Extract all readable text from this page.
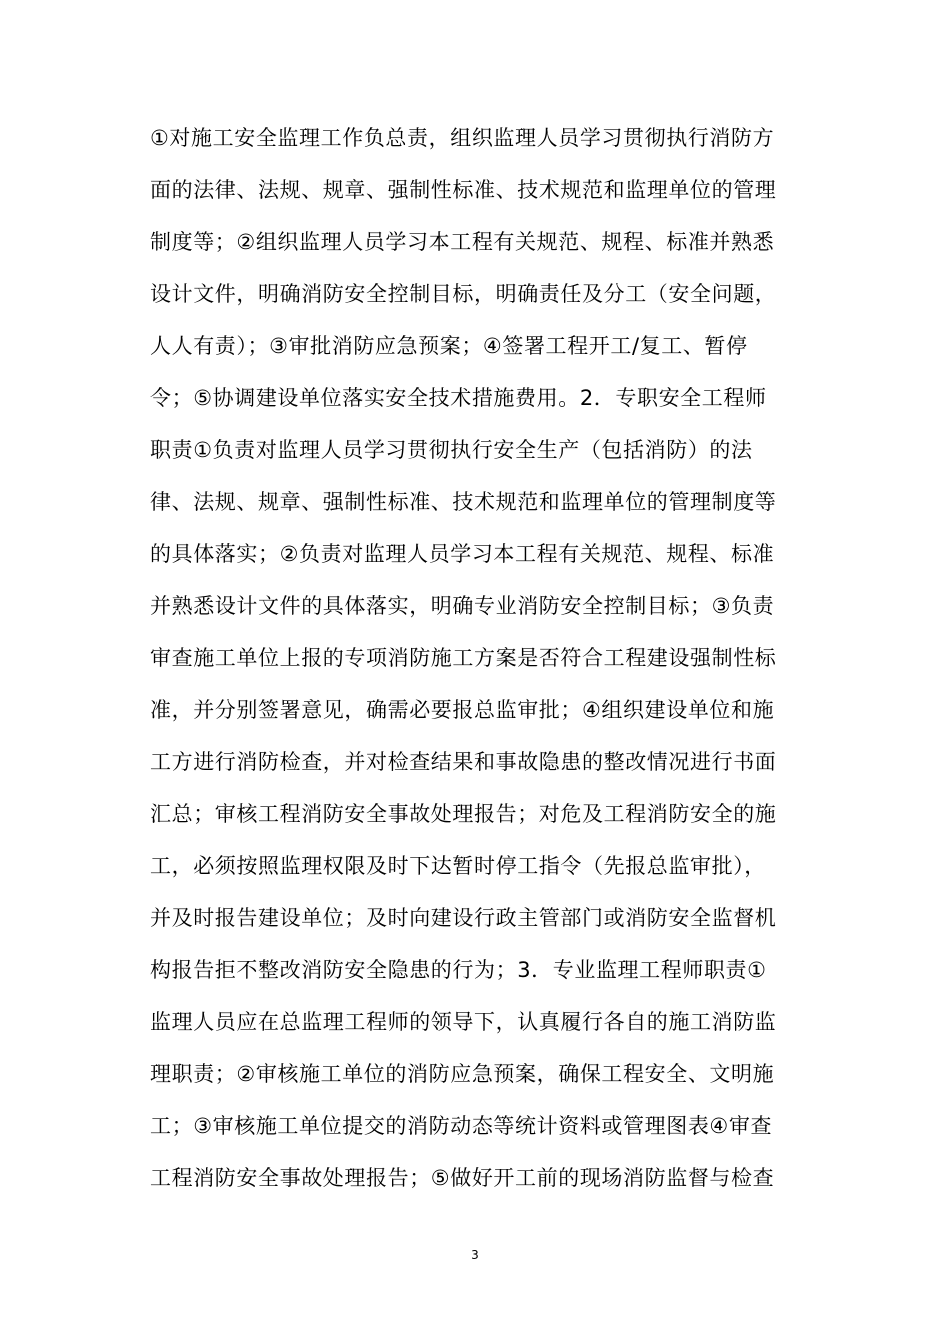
①对施工安全监理工作负总责，组织监理人员学习贯彻执行消防方
面的法律、法规、规章、强制性标准、技术规范和监理单位的管理
制度等；②组织监理人员学习本工程有关规范、规程、标准并熟悉
设计文件，明确消防安全控制目标，明确责任及分工（安全问题，
人人有责）；③审批消防应急预案；④签署工程开工/复工、暂停
令；⑤协调建设单位落实安全技术措施费用。2．专职安全工程师
职责①负责对监理人员学习贯彻执行安全生产（包括消防）的法
律、法规、规章、强制性标准、技术规范和监理单位的管理制度等
的具体落实；②负责对监理人员学习本工程有关规范、规程、标准
并熟悉设计文件的具体落实，明确专业消防安全控制目标；③负责
审查施工单位上报的专项消防施工方案是否符合工程建设强制性标
准，并分别签署意见，确需必要报总监审批；④组织建设单位和施
工方进行消防检查，并对检查结果和事故隐患的整改情况进行书面
汇总；审核工程消防安全事故处理报告；对危及工程消防安全的施
工，必须按照监理权限及时下达暂时停工指令（先报总监审批），
并及时报告建设单位；及时向建设行政主管部门或消防安全监督机
构报告拒不整改消防安全隐患的行为；3．专业监理工程师职责①
监理人员应在总监理工程师的领导下，认真履行各自的施工消防监
理职责；②审核施工单位的消防应急预案，确保工程安全、文明施
工；③审核施工单位提交的消防动态等统计资料或管理图表④审查
工程消防安全事故处理报告；⑤做好开工前的现场消防监督与检查
3
